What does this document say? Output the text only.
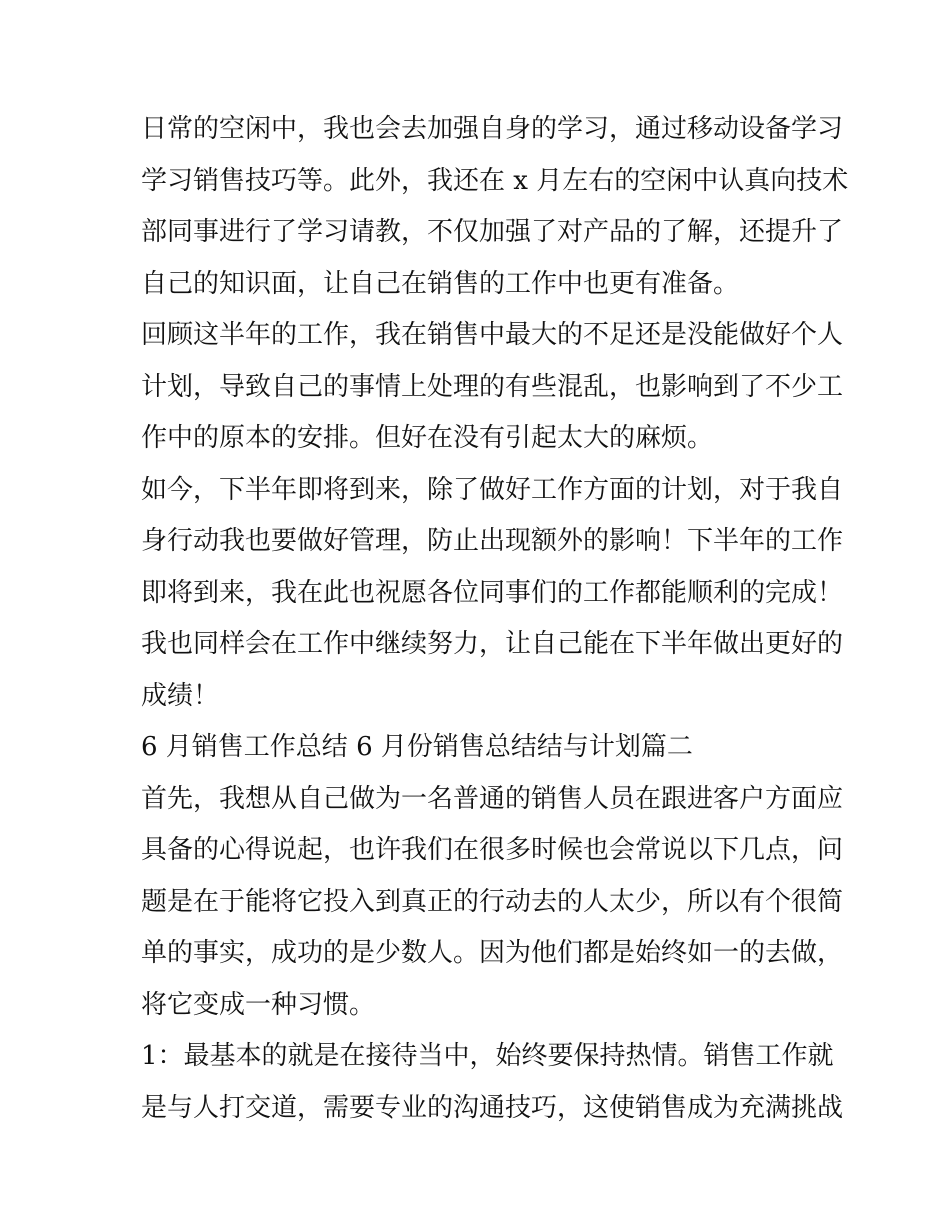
日常的空闲中，我也会去加强自身的学习，通过移动设备学习
学习销售技巧等。此外，我还在 x 月左右的空闲中认真向技术
部同事进行了学习请教，不仅加强了对产品的了解，还提升了
自己的知识面，让自己在销售的工作中也更有准备。
回顾这半年的工作，我在销售中最大的不足还是没能做好个人
计划，导致自己的事情上处理的有些混乱，也影响到了不少工
作中的原本的安排。但好在没有引起太大的麻烦。
如今，下半年即将到来，除了做好工作方面的计划，对于我自
身行动我也要做好管理，防止出现额外的影响！下半年的工作
即将到来，我在此也祝愿各位同事们的工作都能顺利的完成！
我也同样会在工作中继续努力，让自己能在下半年做出更好的
成绩！
6 月销售工作总结 6 月份销售总结结与计划篇二
首先，我想从自己做为一名普通的销售人员在跟进客户方面应
具备的心得说起，也许我们在很多时候也会常说以下几点，问
题是在于能将它投入到真正的行动去的人太少，所以有个很简
单的事实，成功的是少数人。因为他们都是始终如一的去做，
将它变成一种习惯。
1：最基本的就是在接待当中，始终要保持热情。销售工作就
是与人打交道，需要专业的沟通技巧，这使销售成为充满挑战
